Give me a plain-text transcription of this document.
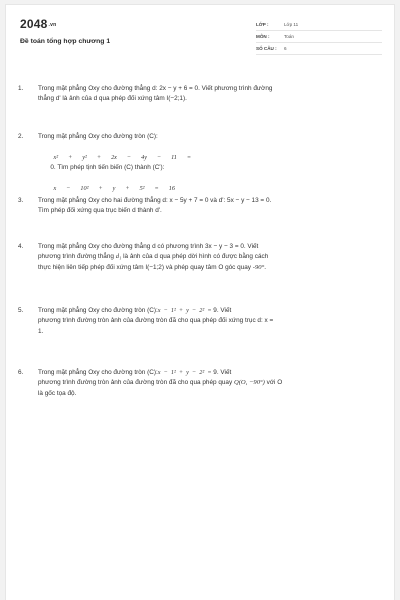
2048.vn
Đề toán tổng hợp chương 1
LỚP :	Lớp 11
MÔN :	Toán
SỐ CÂU : 6
1.	Trong mặt phẳng Oxy cho đường thẳng d: 2x − y + 6 = 0. Viết phương trình đường
thẳng d' là ảnh của d qua phép đối xứng tâm I(−2;1).
2.	Trong mặt phẳng Oxy cho đường tròn (C):

x² + y² + 2x − 4y − 11 =
0. Tìm phép tịnh tiến biến (C) thành (C'):

x − 10² + y + 5² = 16

3.	Trong mặt phẳng Oxy cho hai đường thẳng d: x − 5y + 7 = 0 và d': 5x − y − 13 = 0.
Tìm phép đối xứng qua trục biến d thành d'.
4.	Trong mặt phẳng Oxy cho đường thẳng d có phương trình 3x − y − 3 = 0. Viết
phương trình đường thẳng d₁ là ảnh của d qua phép dời hình có được bằng cách
thực hiện liên tiếp phép đối xứng tâm I(−1;2) và phép quay tâm O góc quay -90°.
5.	Trong mặt phẳng Oxy cho đường tròn (C):x  −  1²  +  y  −  2²  = 9. Viết
phương trình đường tròn ảnh của đường tròn đã cho qua phép đối xứng trục d: x =
1.
6.	Trong mặt phẳng Oxy cho đường tròn (C):x  −  1²  +  y  −  2²  = 9. Viết
phương trình đường tròn ảnh của đường tròn đã cho qua phép quay Q(O, −90°) với O
là gốc tọa độ.
